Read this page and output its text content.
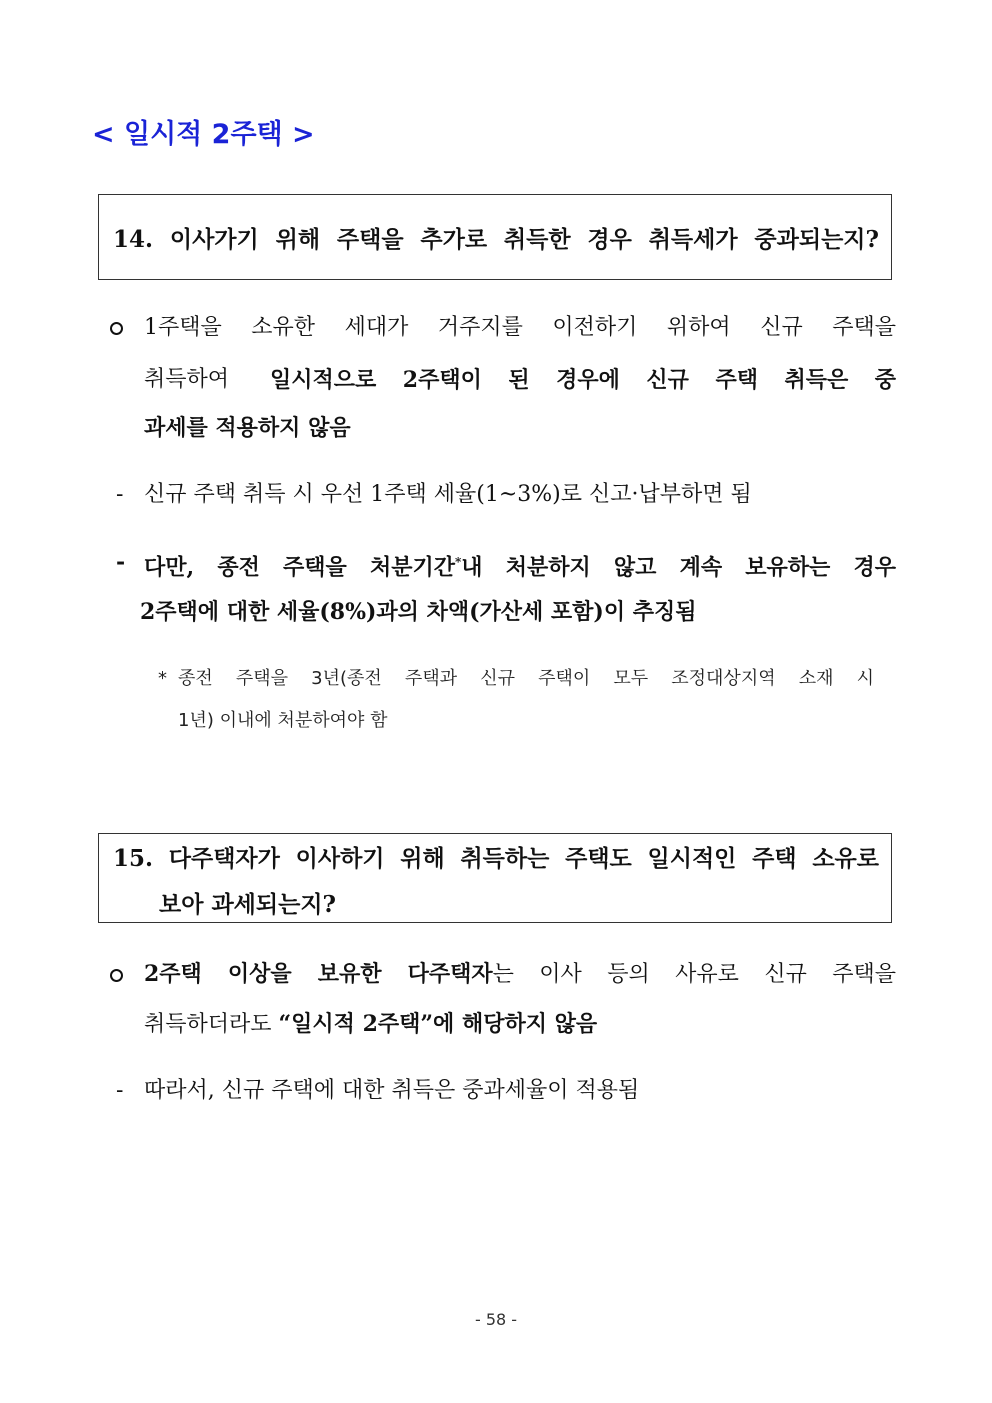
< 일시적 2주택 >
14. 이사가기 위해 주택을 추가로 취득한 경우 취득세가 중과되는지?
1주택을 소유한 세대가 거주지를 이전하기 위하여 신규 주택을
취득하여 일시적으로 2주택이 된 경우에 신규 주택 취득은 중
과세를 적용하지 않음
- 신규 주택 취득 시 우선 1주택 세율(1~3%)로 신고·납부하면 됨
- 다만, 종전 주택을 처분기간*내 처분하지 않고 계속 보유하는 경우
2주택에 대한 세율(8%)과의 차액(가산세 포함)이 추징됨
* 종전 주택을 3년(종전 주택과 신규 주택이 모두 조정대상지역 소재 시
1년) 이내에 처분하여야 함
15. 다주택자가 이사하기 위해 취득하는 주택도 일시적인 주택 소유로
보아 과세되는지?
2주택 이상을 보유한 다주택자는 이사 등의 사유로 신규 주택을
취득하더라도 “일시적 2주택”에 해당하지 않음
- 따라서, 신규 주택에 대한 취득은 중과세율이 적용됨
- 58 -
